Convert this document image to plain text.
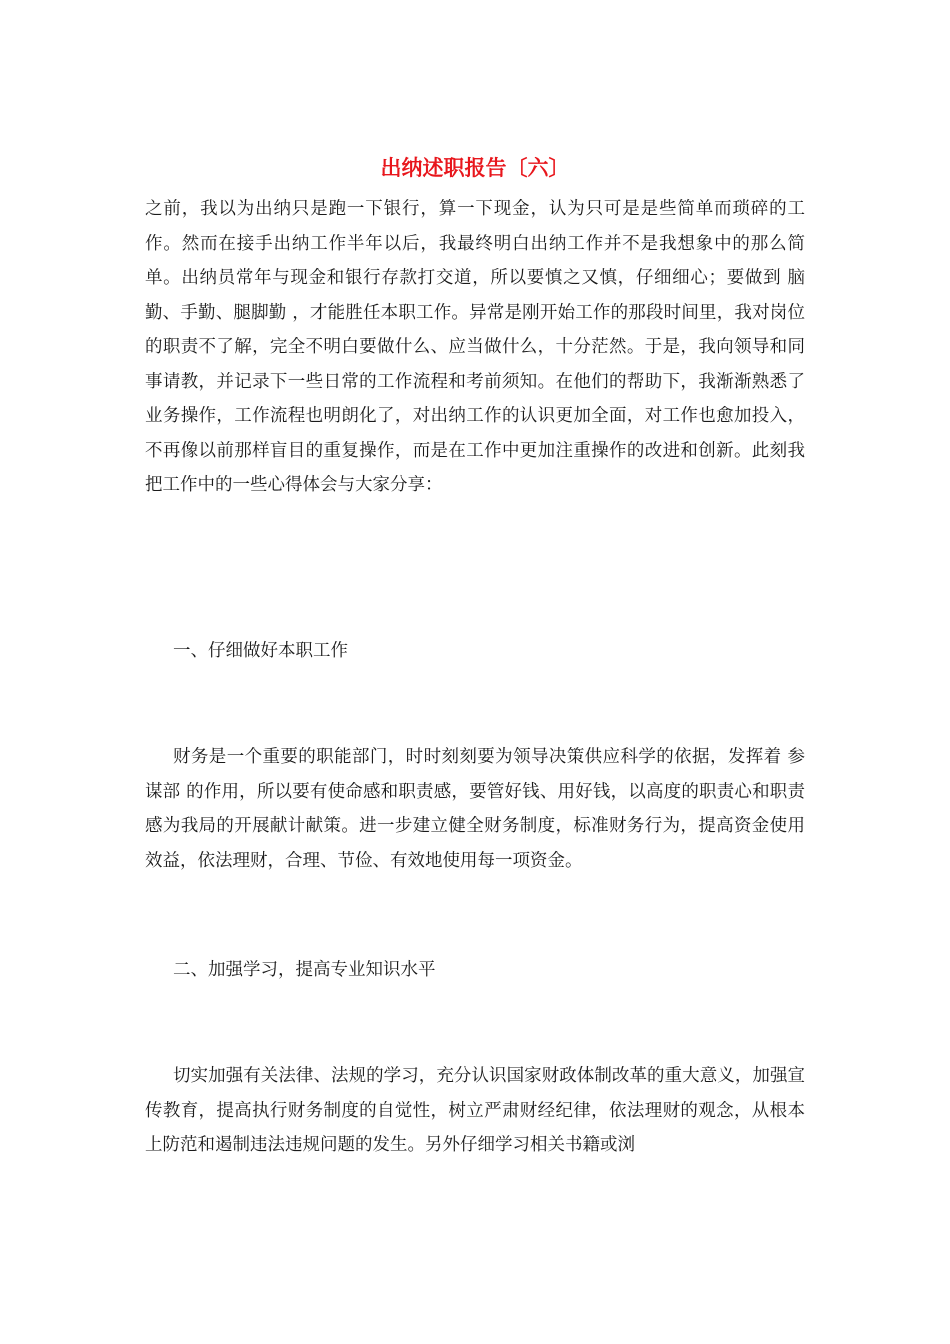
出纳述职报告〔六〕

之前，我以为出纳只是跑一下银行，算一下现金，认为只可是是些简单而琐碎的工作。然而在接手出纳工作半年以后，我最终明白出纳工作并不是我想象中的那么简单。出纳员常年与现金和银行存款打交道，所以要慎之又慎，仔细细心；要做到 脑勤、手勤、腿脚勤 ，才能胜任本职工作。异常是刚开始工作的那段时间里，我对岗位的职责不了解，完全不明白要做什么、应当做什么，十分茫然。于是，我向领导和同事请教，并记录下一些日常的工作流程和考前须知。在他们的帮助下，我渐渐熟悉了业务操作，工作流程也明朗化了，对出纳工作的认识更加全面，对工作也愈加投入，不再像以前那样盲目的重复操作，而是在工作中更加注重操作的改进和创新。此刻我把工作中的一些心得体会与大家分享：

一、仔细做好本职工作

财务是一个重要的职能部门，时时刻刻要为领导决策供应科学的依据，发挥着 参谋部 的作用，所以要有使命感和职责感，要管好钱、用好钱，以高度的职责心和职责感为我局的开展献计献策。进一步建立健全财务制度，标准财务行为，提高资金使用效益，依法理财，合理、节俭、有效地使用每一项资金。

二、加强学习，提高专业知识水平

切实加强有关法律、法规的学习，充分认识国家财政体制改革的重大意义，加强宣传教育，提高执行财务制度的自觉性，树立严肃财经纪律，依法理财的观念，从根本上防范和遏制违法违规问题的发生。另外仔细学习相关书籍或浏
